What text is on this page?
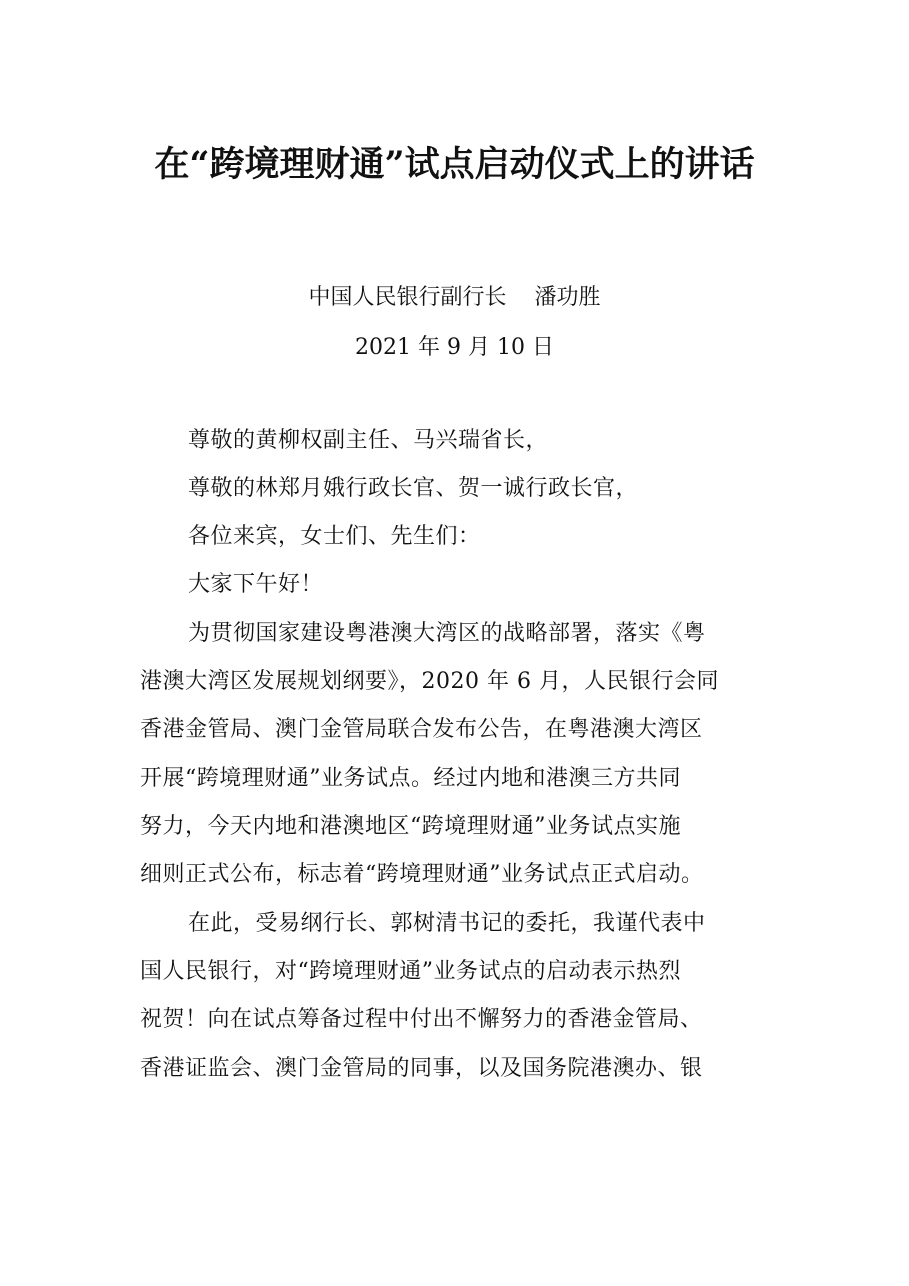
在“跨境理财通”试点启动仪式上的讲话
中国人民银行副行长 潘功胜
2021 年 9 月 10 日
尊敬的黄柳权副主任、马兴瑞省长，
尊敬的林郑月娥行政长官、贺一诚行政长官，
各位来宾，女士们、先生们：
大家下午好！
为贯彻国家建设粤港澳大湾区的战略部署，落实《粤
港澳大湾区发展规划纲要》，2020 年 6 月，人民银行会同
香港金管局、澳门金管局联合发布公告，在粤港澳大湾区
开展“跨境理财通”业务试点。经过内地和港澳三方共同
努力，今天内地和港澳地区“跨境理财通”业务试点实施
细则正式公布，标志着“跨境理财通”业务试点正式启动。
在此，受易纲行长、郭树清书记的委托，我谨代表中
国人民银行，对“跨境理财通”业务试点的启动表示热烈
祝贺！向在试点筹备过程中付出不懈努力的香港金管局、
香港证监会、澳门金管局的同事，以及国务院港澳办、银
